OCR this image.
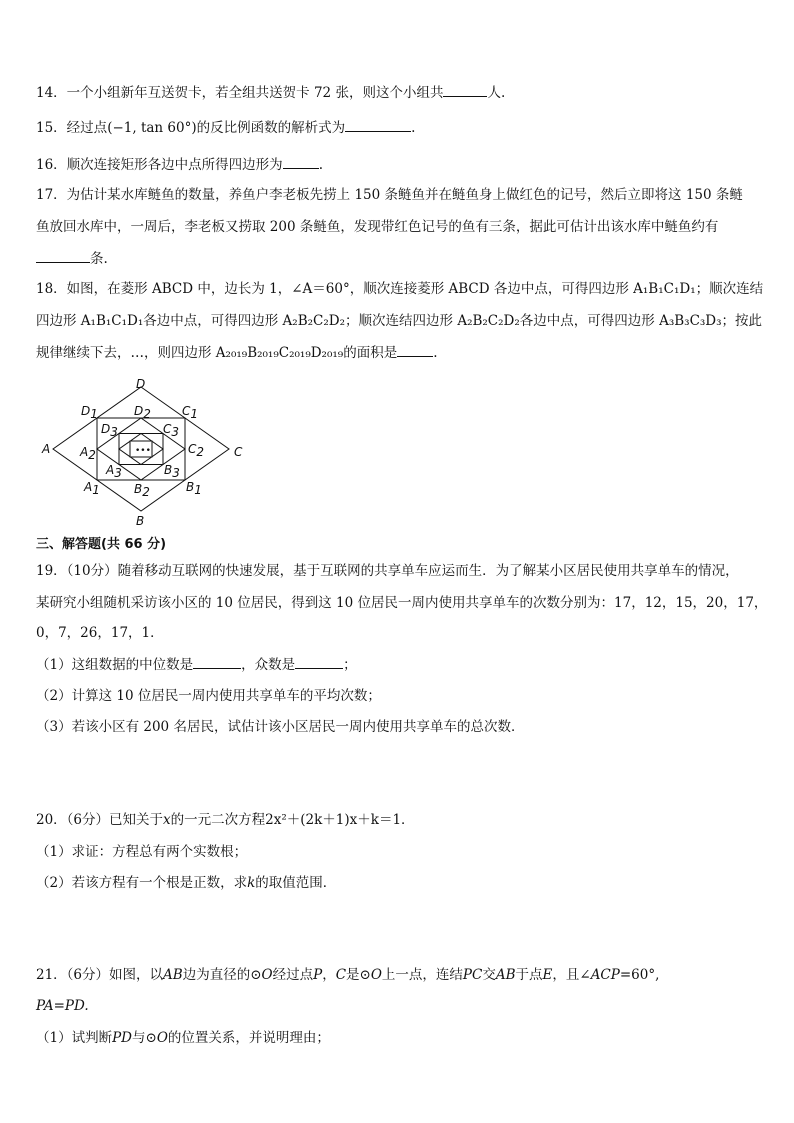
14．一个小组新年互送贺卡，若全组共送贺卡 72 张，则这个小组共	人.
15．经过点(−1, tan 60°)的反比例函数的解析式为	.
16．顺次连接矩形各边中点所得四边形为	.
17．为估计某水库鲢鱼的数量，养鱼户李老板先捞上 150 条鲢鱼并在鲢鱼身上做红色的记号，然后立即将这 150 条鲢
鱼放回水库中，一周后，李老板又捞取 200 条鲢鱼，发现带红色记号的鱼有三条，据此可估计出该水库中鲢鱼约有
条.
18．如图，在菱形 ABCD 中，边长为 1，∠A＝60°，顺次连接菱形 ABCD 各边中点，可得四边形 A₁B₁C₁D₁；顺次连结
四边形 A₁B₁C₁D₁各边中点，可得四边形 A₂B₂C₂D₂；顺次连结四边形 A₂B₂C₂D₂各边中点，可得四边形 A₃B₃C₃D₃；按此
规律继续下去，…，则四边形 A₂₀₁₉B₂₀₁₉C₂₀₁₉D₂₀₁₉的面积是	.
•••
D
A	C
B
D1	C1
A1	B1
D2
A2	C2
B2
D3	C3
A3	B3
三、解答题(共 66 分)
19．（10分）随着移动互联网的快速发展，基于互联网的共享单车应运而生．为了解某小区居民使用共享单车的情况，
某研究小组随机采访该小区的 10 位居民，得到这 10 位居民一周内使用共享单车的次数分别为：17，12，15，20，17，
0，7，26，17，1．
（1）这组数据的中位数是	，众数是	；
（2）计算这 10 位居民一周内使用共享单车的平均次数；
（3）若该小区有 200 名居民，试估计该小区居民一周内使用共享单车的总次数．
20．（6分）已知关于x的一元二次方程2x²＋(2k＋1)x＋k＝1．
（1）求证：方程总有两个实数根；
（2）若该方程有一个根是正数，求k的取值范围．
21．（6分）如图，以AB边为直径的⊙O经过点P，C是⊙O上一点，连结PC交AB于点E，且∠ACP=60°,
PA=PD.
（1）试判断PD与⊙O的位置关系，并说明理由；
